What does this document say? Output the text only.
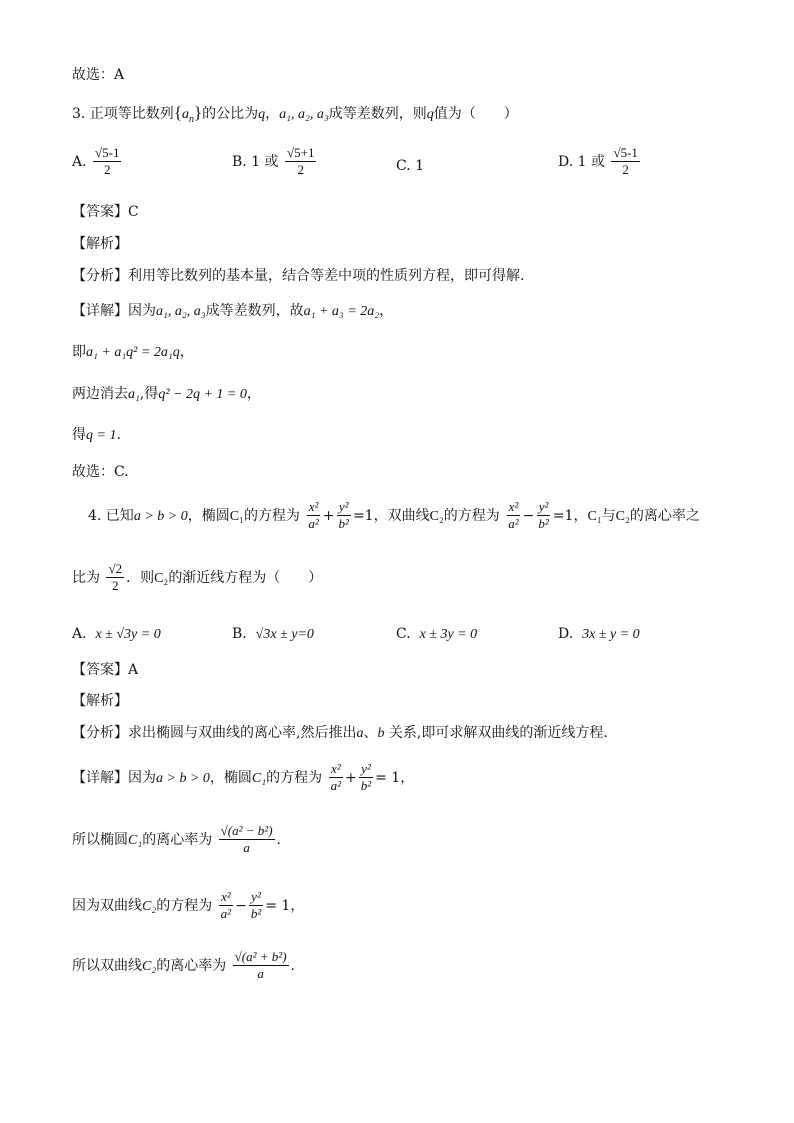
故选：A
3. 正项等比数列$\{a_n\}$的公比为q，a₁, a₂, a₃成等差数列，则q值为（　　）
A. $\frac{√5-1}{2}$	B. 1 或 $\frac{√5+1}{2}$	C. 1	D. 1 或 $\frac{√5-1}{2}$
【答案】C
【解析】
【分析】利用等比数列的基本量，结合等差中项的性质列方程，即可得解.
【详解】因为a₁, a₂, a₃成等差数列，故a₁ + a₃ = 2a₂，
即a₁ + a₁q² = 2a₁q，
两边消去a₁,得q² − 2q + 1 = 0，
得q = 1.
故选：C.
4. 已知a > b > 0，椭圆C₁的方程为 $\frac{\text{x²}}{\text{a²}} + \frac{\text{y²}}{\text{b²}} =1$，双曲线C₂的方程为 $\frac{\text{x²}}{\text{a²}} - \frac{\text{y²}}{\text{b²}} =1$，C₁与C₂的离心率之
比为 $\frac{√2}{2}$ ．则C₂的渐近线方程为（　　）
A. x ± √3y = 0	B. √3x ± y=0	C. x ± 3y = 0	D. 3x ± y = 0
【答案】A
【解析】
【分析】求出椭圆与双曲线的离心率,然后推出a、b 关系,即可求解双曲线的渐近线方程.
【详解】因为a > b > 0，椭圆C₁的方程为 $\frac{\text{x²}}{\text{a²}} + \frac{\text{y²}}{\text{b²}} = 1$，
所以椭圆C₁的离心率为 $\frac{\text{√(a² − b²)}}{a}$ .
因为双曲线C₂的方程为 $\frac{\text{x²}}{\text{a²}} - \frac{\text{y²}}{\text{b²}} = 1$，
所以双曲线C₂的离心率为 $\frac{\text{√(a² + b²)}}{a}$ .
